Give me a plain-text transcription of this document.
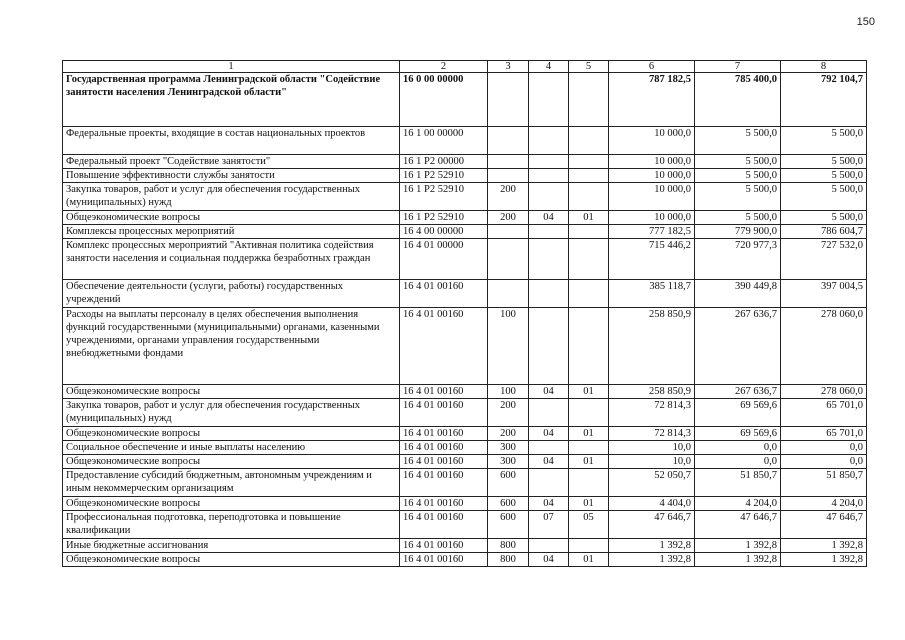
150
1	2	3	4	5	6	7	8
Государственная программа Ленинградской области "Содействие занятости населения Ленинградской области"	16 0 00 00000				787 182,5	785 400,0	792 104,7
Федеральные проекты, входящие в состав национальных проектов	16 1 00 00000				10 000,0	5 500,0	5 500,0
Федеральный проект "Содействие занятости"	16 1 P2 00000				10 000,0	5 500,0	5 500,0
Повышение эффективности службы занятости	16 1 P2 52910				10 000,0	5 500,0	5 500,0
Закупка товаров, работ и услуг для обеспечения государственных (муниципальных) нужд	16 1 P2 52910	200			10 000,0	5 500,0	5 500,0
Общеэкономические вопросы	16 1 P2 52910	200	04	01	10 000,0	5 500,0	5 500,0
Комплексы процессных мероприятий	16 4 00 00000				777 182,5	779 900,0	786 604,7
Комплекс процессных мероприятий "Активная политика содействия занятости населения и социальная поддержка безработных граждан	16 4 01 00000				715 446,2	720 977,3	727 532,0
Обеспечение деятельности (услуги, работы) государственных учреждений	16 4 01 00160				385 118,7	390 449,8	397 004,5
Расходы на выплаты персоналу в целях обеспечения выполнения функций государственными (муниципальными) органами, казенными учреждениями, органами управления государственными внебюджетными фондами	16 4 01 00160	100			258 850,9	267 636,7	278 060,0
Общеэкономические вопросы	16 4 01 00160	100	04	01	258 850,9	267 636,7	278 060,0
Закупка товаров, работ и услуг для обеспечения государственных (муниципальных) нужд	16 4 01 00160	200			72 814,3	69 569,6	65 701,0
Общеэкономические вопросы	16 4 01 00160	200	04	01	72 814,3	69 569,6	65 701,0
Социальное обеспечение и иные выплаты населению	16 4 01 00160	300			10,0	0,0	0,0
Общеэкономические вопросы	16 4 01 00160	300	04	01	10,0	0,0	0,0
Предоставление субсидий бюджетным, автономным учреждениям и иным некоммерческим организациям	16 4 01 00160	600			52 050,7	51 850,7	51 850,7
Общеэкономические вопросы	16 4 01 00160	600	04	01	4 404,0	4 204,0	4 204,0
Профессиональная подготовка, переподготовка и повышение квалификации	16 4 01 00160	600	07	05	47 646,7	47 646,7	47 646,7
Иные бюджетные ассигнования	16 4 01 00160	800			1 392,8	1 392,8	1 392,8
Общеэкономические вопросы	16 4 01 00160	800	04	01	1 392,8	1 392,8	1 392,8
